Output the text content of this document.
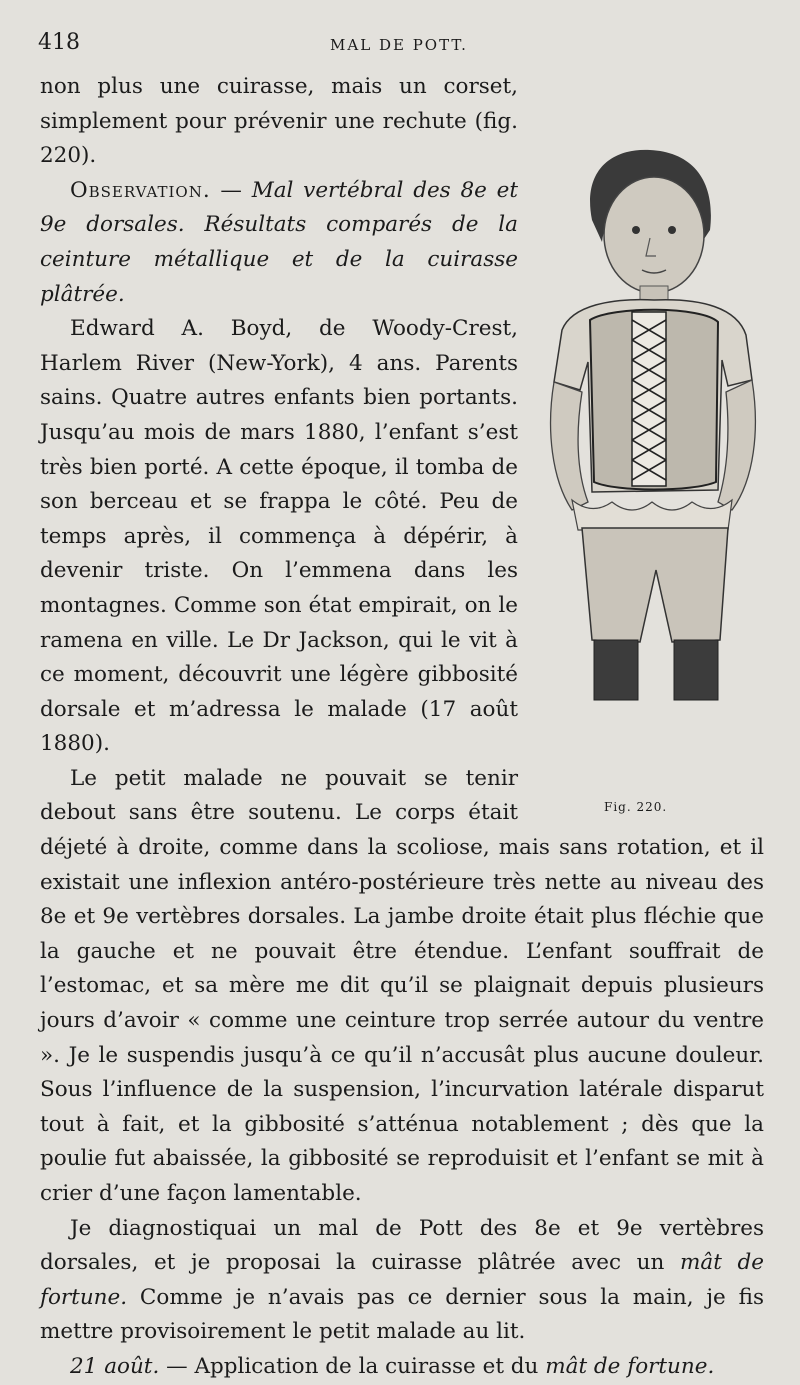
418	MAL DE POTT.
Fig. 220.

non plus une cuirasse, mais un corset, simplement pour prévenir une rechute (fig. 220).

Observation. — Mal vertébral des 8e et 9e dorsales. Résultats comparés de la ceinture métallique et de la cuirasse plâtrée.

Edward A. Boyd, de Woody-Crest, Harlem River (New-York), 4 ans. Parents sains. Quatre autres enfants bien portants. Jusqu’au mois de mars 1880, l’enfant s’est très bien porté. A cette époque, il tomba de son berceau et se frappa le côté. Peu de temps après, il commença à dépérir, à devenir triste. On l’emmena dans les montagnes. Comme son état empirait, on le ramena en ville. Le Dr Jackson, qui le vit à ce moment, découvrit une légère gibbosité dorsale et m’adressa le malade (17 août 1880).

Le petit malade ne pouvait se tenir debout sans être soutenu. Le corps était déjeté à droite, comme dans la scoliose, mais sans rotation, et il existait une inflexion antéro-postérieure très nette au niveau des 8e et 9e vertèbres dorsales. La jambe droite était plus fléchie que la gauche et ne pouvait être étendue. L’enfant souffrait de l’estomac, et sa mère me dit qu’il se plaignait depuis plusieurs jours d’avoir « comme une ceinture trop serrée autour du ventre ». Je le suspendis jusqu’à ce qu’il n’accusât plus aucune douleur. Sous l’influence de la suspension, l’incurvation latérale disparut tout à fait, et la gibbosité s’atténua notablement ; dès que la poulie fut abaissée, la gibbosité se reproduisit et l’enfant se mit à crier d’une façon lamentable.

Je diagnostiquai un mal de Pott des 8e et 9e vertèbres dorsales, et je proposai la cuirasse plâtrée avec un mât de fortune. Comme je n’avais pas ce dernier sous la main, je fis mettre provisoirement le petit malade au lit.

21 août. — Application de la cuirasse et du mât de fortune.
